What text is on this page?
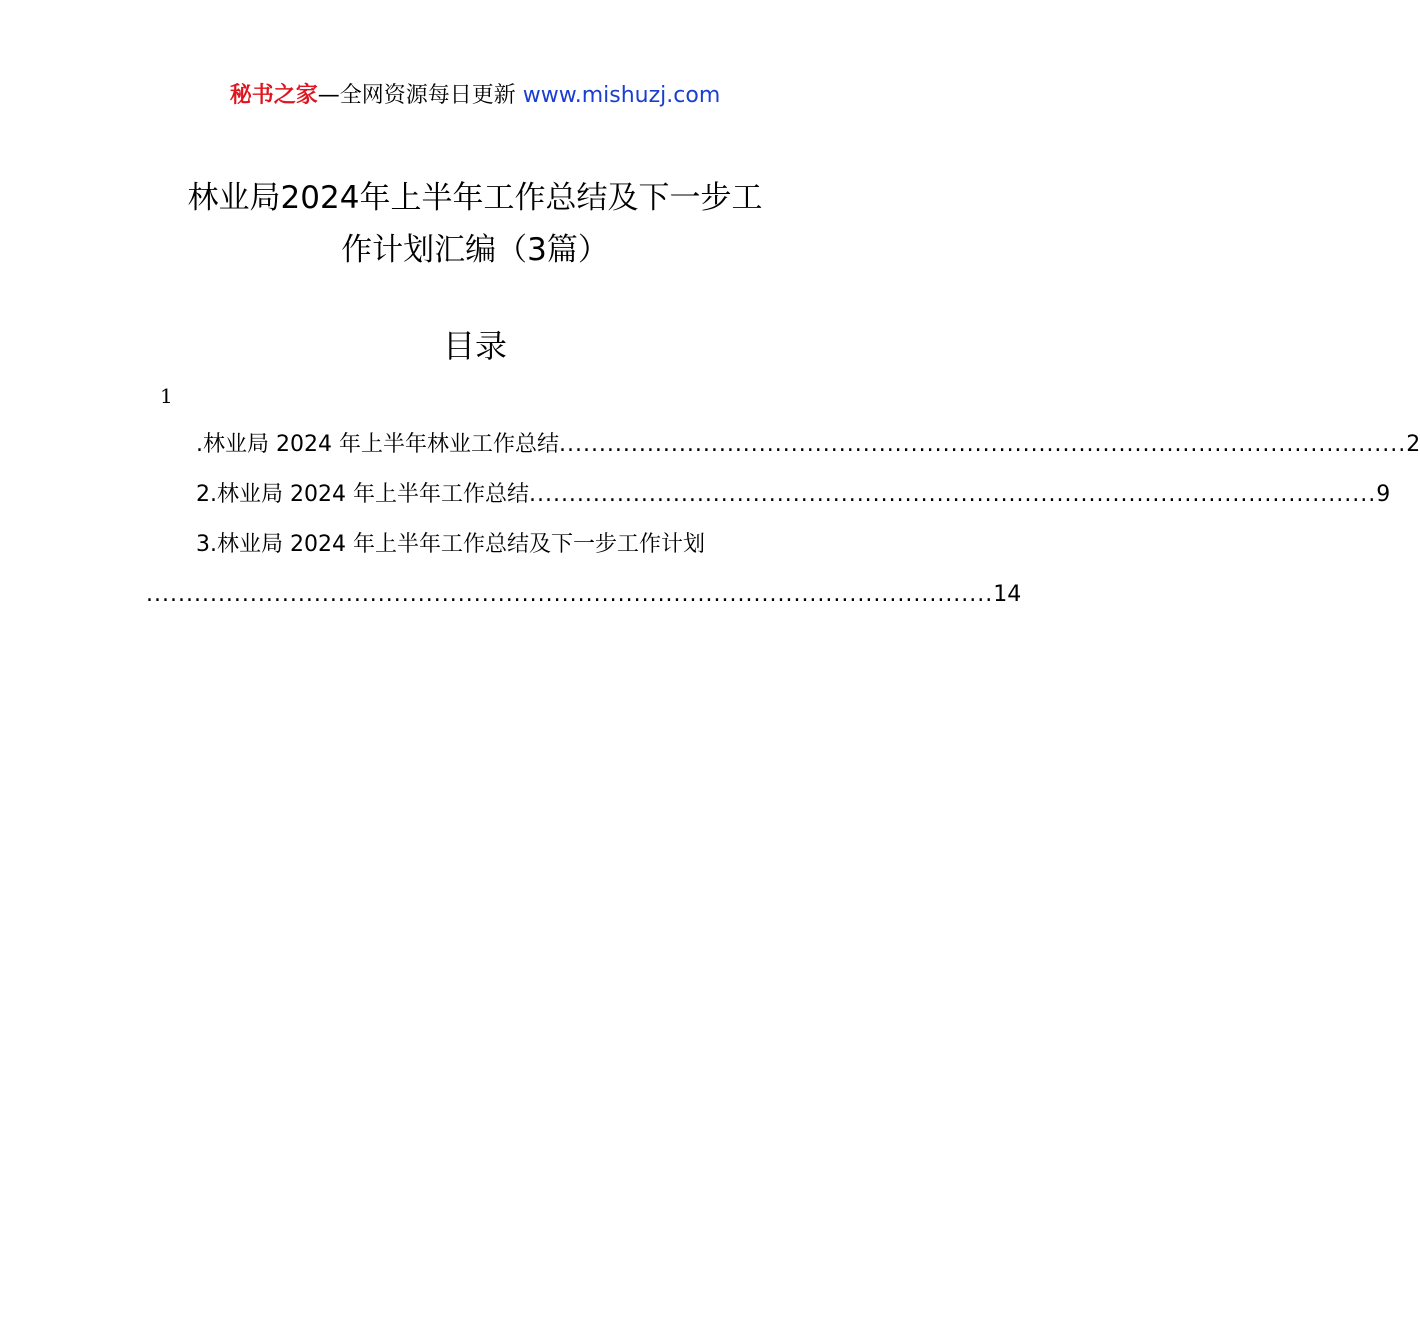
秘书之家—全网资源每日更新 www.mishuzj.com
林业局2024年上半年工作总结及下一步工
作计划汇编（3篇）
目录
1
.林业局 2024 年上半年林业工作总结 .......................................................................................................... 2
2.林业局 2024 年上半年工作总结 .......................................................................................................... 9
3.林业局 2024 年上半年工作总结及下一步工作计划
.......................................................................................................... 14
